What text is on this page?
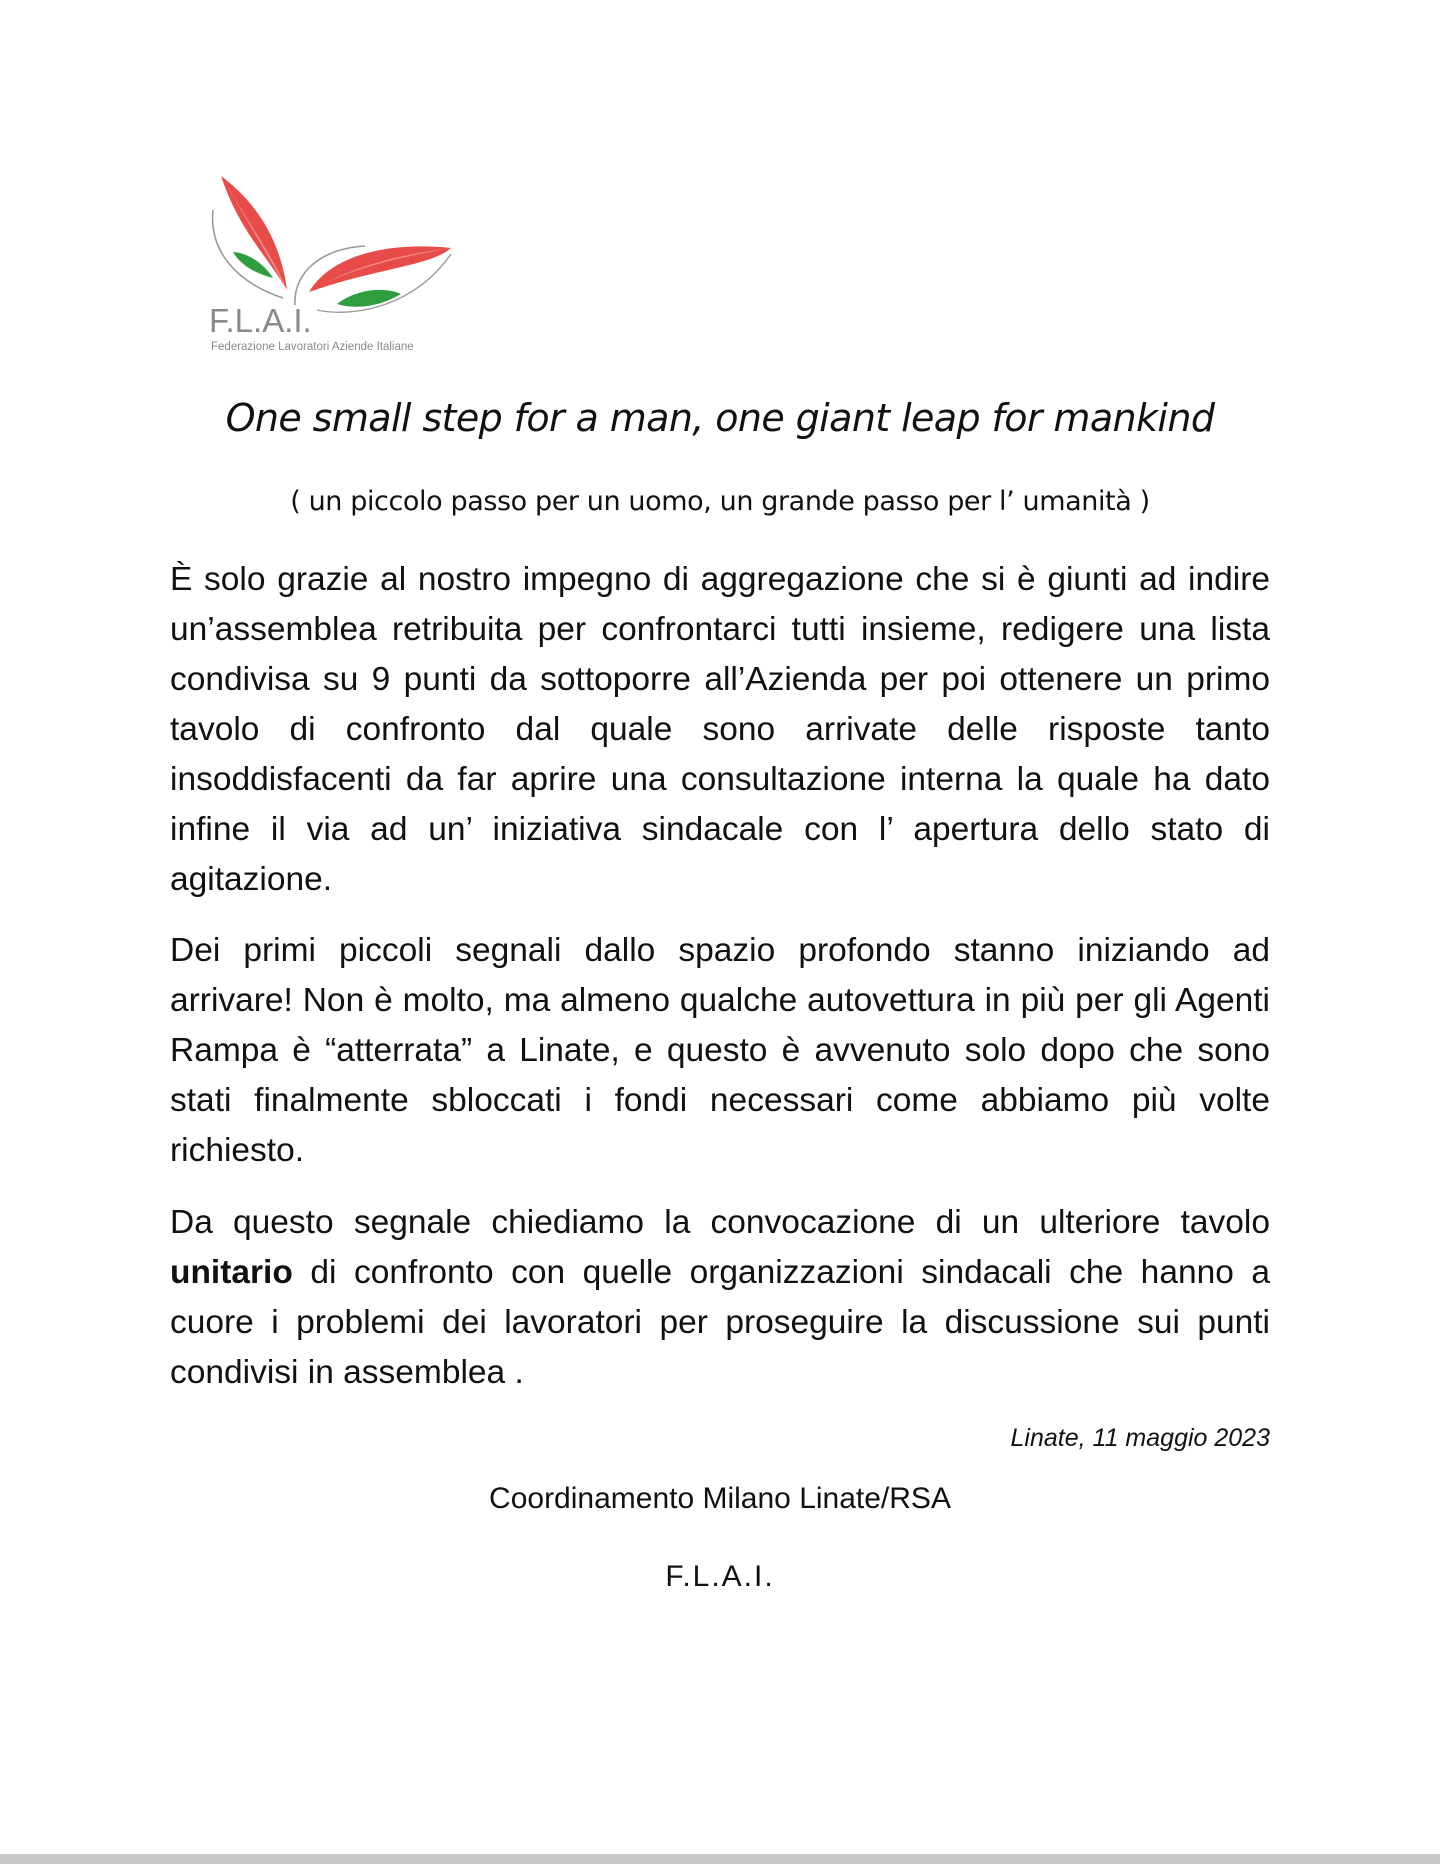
F.L.A.I.
Federazione Lavoratori Aziende Italiane
One small step for a man, one giant leap for mankind
( un piccolo passo per un uomo, un grande passo per l’ umanità )

È solo grazie al nostro impegno di aggregazione che si è giunti ad indire un’assemblea retribuita per confrontarci tutti insieme, redigere una lista condivisa su 9 punti da sottoporre all’Azienda per poi ottenere un primo tavolo di confronto dal quale sono arrivate delle risposte tanto insoddisfacenti da far aprire una consultazione interna la quale ha dato infine il via ad un’ iniziativa sindacale con l’ apertura dello stato di agitazione.

Dei primi piccoli segnali dallo spazio profondo stanno iniziando ad arrivare! Non è molto, ma almeno qualche autovettura in più per gli Agenti Rampa è “atterrata” a Linate, e questo è avvenuto solo dopo che sono stati finalmente sbloccati i fondi necessari come abbiamo più volte richiesto.

Da questo segnale chiediamo la convocazione di un ulteriore tavolo unitario di confronto con quelle organizzazioni sindacali che hanno a cuore i problemi dei lavoratori per proseguire la discussione sui punti condivisi in assemblea .

Linate, 11 maggio 2023
Coordinamento Milano Linate/RSA
F.L.A.I.
